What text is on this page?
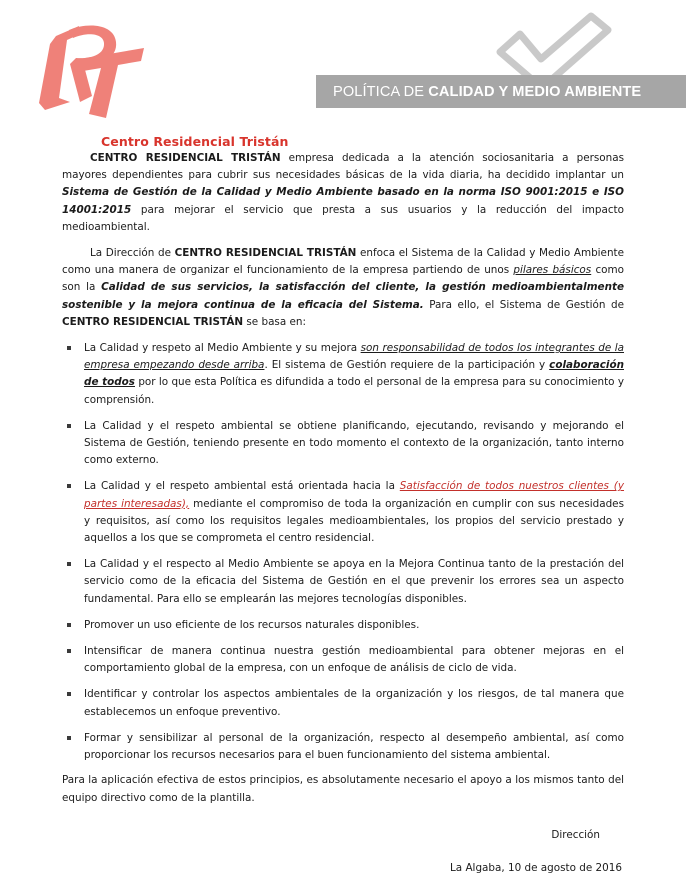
Centro Residencial Tristán
POLÍTICA DE CALIDAD Y MEDIO AMBIENTE

CENTRO RESIDENCIAL TRISTÁN empresa dedicada a la atención sociosanitaria a personas mayores dependientes para cubrir sus necesidades básicas de la vida diaria, ha decidido implantar un Sistema de Gestión de la Calidad y Medio Ambiente basado en la norma ISO 9001:2015 e ISO 14001:2015 para mejorar el servicio que presta a sus usuarios y la reducción del impacto medioambiental.

La Dirección de CENTRO RESIDENCIAL TRISTÁN enfoca el Sistema de la Calidad y Medio Ambiente como una manera de organizar el funcionamiento de la empresa partiendo de unos pilares básicos como son la Calidad de sus servicios, la satisfacción del cliente, la gestión medioambientalmente sostenible y la mejora continua de la eficacia del Sistema. Para ello, el Sistema de Gestión de CENTRO RESIDENCIAL TRISTÁN se basa en:

La Calidad y respeto al Medio Ambiente y su mejora son responsabilidad de todos los integrantes de la empresa empezando desde arriba. El sistema de Gestión requiere de la participación y colaboración de todos por lo que esta Política es difundida a todo el personal de la empresa para su conocimiento y comprensión.
La Calidad y el respeto ambiental se obtiene planificando, ejecutando, revisando y mejorando el Sistema de Gestión, teniendo presente en todo momento el contexto de la organización, tanto interno como externo.
La Calidad y el respeto ambiental está orientada hacia la Satisfacción de todos nuestros clientes (y partes interesadas), mediante el compromiso de toda la organización en cumplir con sus necesidades y requisitos, así como los requisitos legales medioambientales, los propios del servicio prestado y aquellos a los que se comprometa el centro residencial.
La Calidad y el respecto al Medio Ambiente se apoya en la Mejora Continua tanto de la prestación del servicio como de la eficacia del Sistema de Gestión en el que prevenir los errores sea un aspecto fundamental. Para ello se emplearán las mejores tecnologías disponibles.
Promover un uso eficiente de los recursos naturales disponibles.
Intensificar de manera continua nuestra gestión medioambiental para obtener mejoras en el comportamiento global de la empresa, con un enfoque de análisis de ciclo de vida.
Identificar y controlar los aspectos ambientales de la organización y los riesgos, de tal manera que establecemos un enfoque preventivo.
Formar y sensibilizar al personal de la organización, respecto al desempeño ambiental, así como proporcionar los recursos necesarios para el buen funcionamiento del sistema ambiental.

Para la aplicación efectiva de estos principios, es absolutamente necesario el apoyo a los mismos tanto del equipo directivo como de la plantilla.

Dirección
La Algaba, 10 de agosto de 2016
